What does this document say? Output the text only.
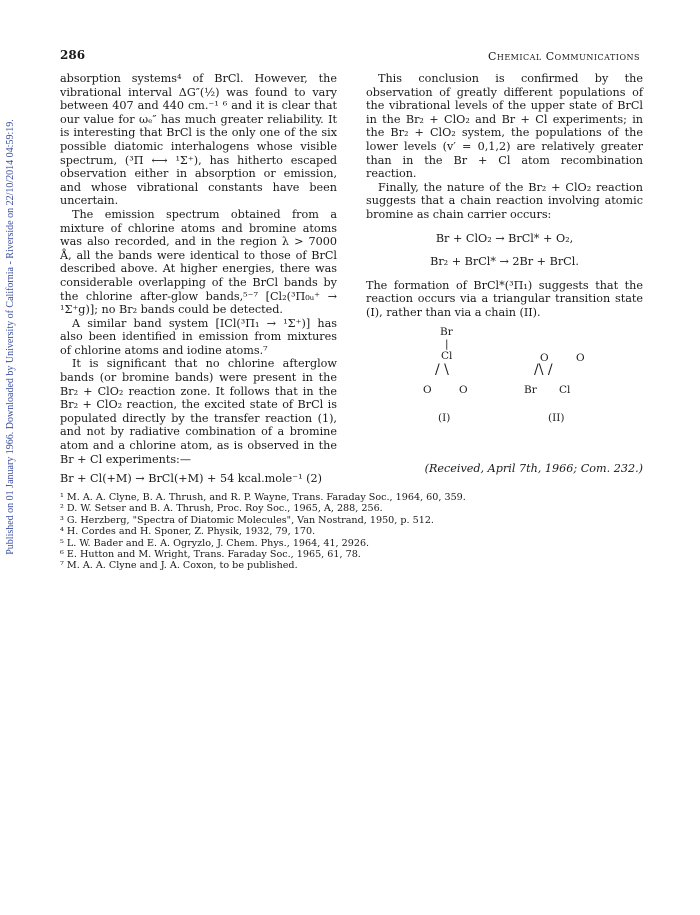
Published on 01 January 1966. Downloaded by University of California - Riverside on 22/10/2014 04:59:19.
286	Chemical Communications

absorption systems⁴ of BrCl. However, the vibrational interval ΔG″(½) was found to vary between 407 and 440 cm.⁻¹ ⁶ and it is clear that our value for ωₑ″ has much greater reliability. It is interesting that BrCl is the only one of the six possible diatomic interhalogens whose visible spectrum, (³Π ⟷ ¹Σ⁺), has hitherto escaped observation either in absorption or emission, and whose vibrational constants have been uncertain.

The emission spectrum obtained from a mixture of chlorine atoms and bromine atoms was also recorded, and in the region λ > 7000 Å, all the bands were identical to those of BrCl described above. At higher energies, there was considerable overlapping of the BrCl bands by the chlorine after-glow bands,⁵⁻⁷ [Cl₂(³Π₀ᵤ⁺ → ¹Σ⁺g)]; no Br₂ bands could be detected.

A similar band system [ICl(³Π₁ → ¹Σ⁺)] has also been identified in emission from mixtures of chlorine atoms and iodine atoms.⁷

It is significant that no chlorine afterglow bands (or bromine bands) were present in the Br₂ + ClO₂ reaction zone. It follows that in the Br₂ + ClO₂ reaction, the excited state of BrCl is populated directly by the transfer reaction (1), and not by radiative combination of a bromine atom and a chlorine atom, as is observed in the Br + Cl experiments:—

Br + Cl(+M) → BrCl(+M) + 54 kcal.mole⁻¹ (2)

This conclusion is confirmed by the observation of greatly different populations of the vibrational levels of the upper state of BrCl in the Br₂ + ClO₂ and Br + Cl experiments; in the Br₂ + ClO₂ system, the populations of the lower levels (v′ = 0,1,2) are relatively greater than in the Br + Cl atom recombination reaction.

Finally, the nature of the Br₂ + ClO₂ reaction suggests that a chain reaction involving atomic bromine as chain carrier occurs:

Br + ClO₂ → BrCl* + O₂,
Br₂ + BrCl* → 2Br + BrCl.

The formation of BrCl*(³Π₁) suggests that the reaction occurs via a triangular transition state (I), rather than via a chain (II).

Br
|
Cl
/ \
O	O
(I)
O	O
/\ /
Br Cl
(II)
(Received, April 7th, 1966; Com. 232.)
¹ M. A. A. Clyne, B. A. Thrush, and R. P. Wayne, Trans. Faraday Soc., 1964, 60, 359.
² D. W. Setser and B. A. Thrush, Proc. Roy Soc., 1965, A, 288, 256.
³ G. Herzberg, "Spectra of Diatomic Molecules", Van Nostrand, 1950, p. 512.
⁴ H. Cordes and H. Sponer, Z. Physik, 1932, 79, 170.
⁵ L. W. Bader and E. A. Ogryzlo, J. Chem. Phys., 1964, 41, 2926.
⁶ E. Hutton and M. Wright, Trans. Faraday Soc., 1965, 61, 78.
⁷ M. A. A. Clyne and J. A. Coxon, to be published.
